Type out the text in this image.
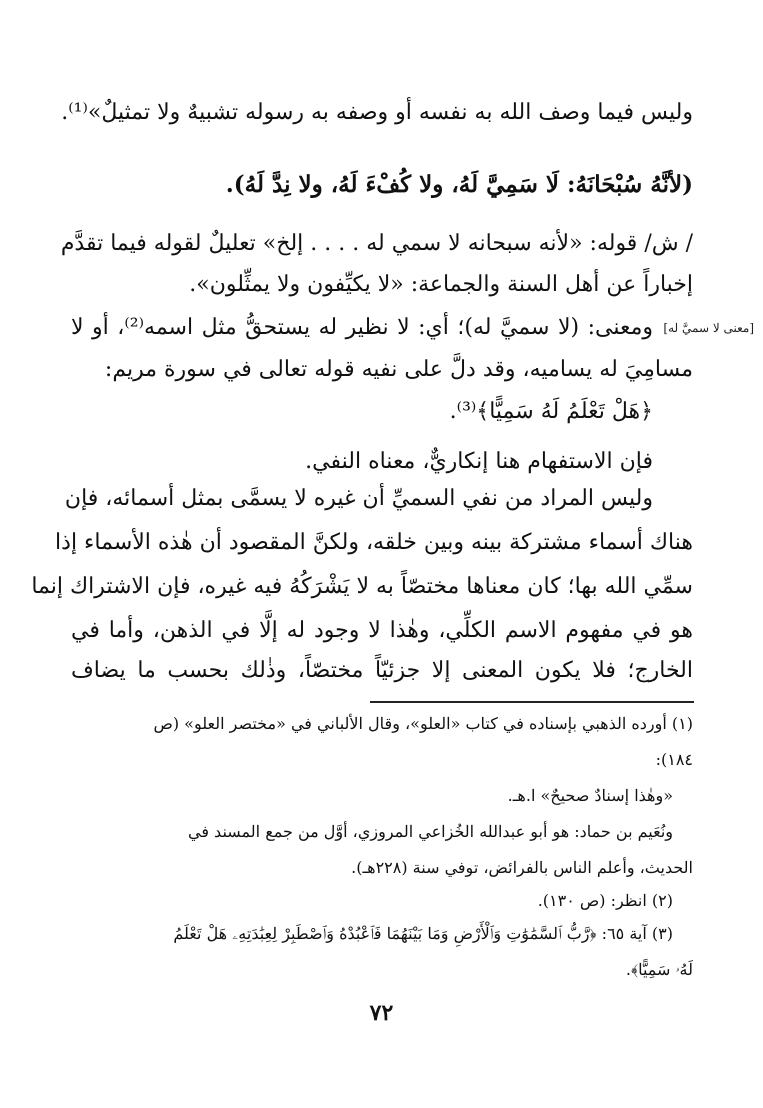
وليس فيما وصف الله به نفسه أو وصفه به رسوله تشبيهٌ ولا تمثيلٌ»⁽¹⁾.
(لأنَّهُ سُبْحَانَهُ: لَا سَمِيَّ لَهُ، ولا كُفْءَ لَهُ، ولا نِدَّ لَهُ).
/ ش/ قوله: «لأنه سبحانه لا سمي له . . . . إلخ» تعليلٌ لقوله فيما تقدَّم
إخباراً عن أهل السنة والجماعة: «لا يكيِّفون ولا يمثِّلون».
[معنى لا سميَّ له]
ومعنى: (لا سميَّ له)؛ أي: لا نظير له يستحقُّ مثل اسمه⁽²⁾، أو لا
مسامِيَ له يساميه، وقد دلَّ على نفيه قوله تعالى في سورة مريم:
﴿هَلْ تَعْلَمُ لَهُ سَمِيًّا﴾⁽³⁾.
فإن الاستفهام هنا إنكاريٌّ، معناه النفي.
وليس المراد من نفي السميِّ أن غيره لا يسمَّى بمثل أسمائه، فإن
هناك أسماء مشتركة بينه وبين خلقه، ولكنَّ المقصود أن هٰذه الأسماء إذا
سمِّي الله بها؛ كان معناها مختصّاً به لا يَشْرَكُهُ فيه غيره، فإن الاشتراك إنما
هو في مفهوم الاسم الكلِّي، وهٰذا لا وجود له إلَّا في الذهن، وأما في
الخارج؛ فلا يكون المعنى إلا جزئيّاً مختصّاً، وذٰلك بحسب ما يضاف
(١) أورده الذهبي بإسناده في كتاب «العلو»، وقال الألباني في «مختصر العلو» (ص
١٨٤):
«وهٰذا إسنادٌ صحيحٌ» ا.هـ.
ونُعَيم بن حماد: هو أبو عبدالله الخُزاعي المروزي، أوَّل من جمع المسند في
الحديث، وأعلم الناس بالفرائض، توفي سنة (٢٢٨هـ).
(٢) انظر: (ص ١٣٠).
(٣) آية ٦٥: ﴿رَّبُّ ٱلسَّمَٰوَٰتِ وَٱلْأَرْضِ وَمَا بَيْنَهُمَا فَٱعْبُدْهُ وَٱصْطَبِرْ لِعِبَٰدَتِهِۦ هَلْ تَعْلَمُ
لَهُۥ سَمِيًّا﴾.
٧٢
